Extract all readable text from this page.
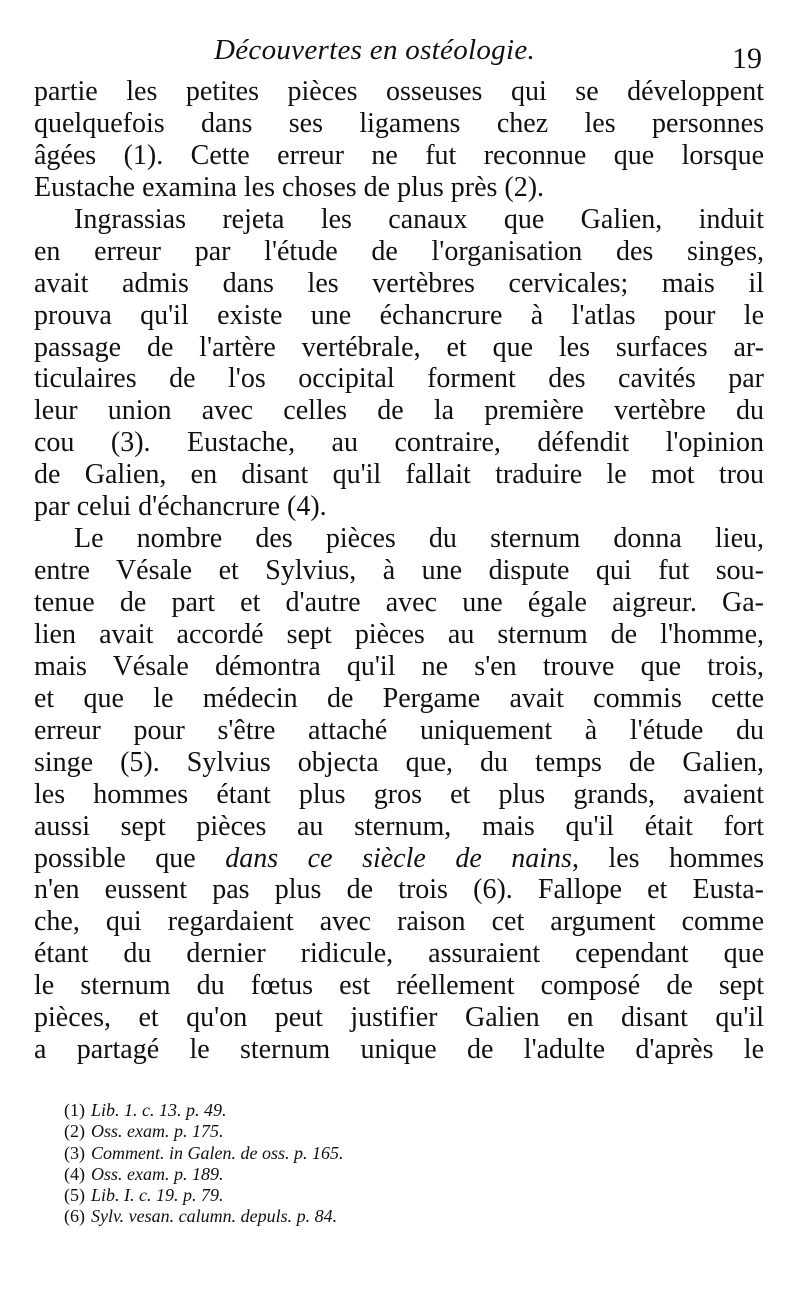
Découvertes en ostéologie.	19
partie les petites pièces osseuses qui se développent
quelquefois dans ses ligamens chez les personnes
âgées (1). Cette erreur ne fut reconnue que lorsque
Eustache examina les choses de plus près (2).
Ingrassias rejeta les canaux que Galien, induit
en erreur par l'étude de l'organisation des singes,
avait admis dans les vertèbres cervicales; mais il
prouva qu'il existe une échancrure à l'atlas pour le
passage de l'artère vertébrale, et que les surfaces ar-
ticulaires de l'os occipital forment des cavités par
leur union avec celles de la première vertèbre du
cou (3). Eustache, au contraire, défendit l'opinion
de Galien, en disant qu'il fallait traduire le mot trou
par celui d'échancrure (4).
Le nombre des pièces du sternum donna lieu,
entre Vésale et Sylvius, à une dispute qui fut sou-
tenue de part et d'autre avec une égale aigreur. Ga-
lien avait accordé sept pièces au sternum de l'homme,
mais Vésale démontra qu'il ne s'en trouve que trois,
et que le médecin de Pergame avait commis cette
erreur pour s'être attaché uniquement à l'étude du
singe (5). Sylvius objecta que, du temps de Galien,
les hommes étant plus gros et plus grands, avaient
aussi sept pièces au sternum, mais qu'il était fort
possible que dans ce siècle de nains, les hommes
n'en eussent pas plus de trois (6). Fallope et Eusta-
che, qui regardaient avec raison cet argument comme
étant du dernier ridicule, assuraient cependant que
le sternum du fœtus est réellement composé de sept
pièces, et qu'on peut justifier Galien en disant qu'il
a partagé le sternum unique de l'adulte d'après le
(1) Lib. 1. c. 13. p. 49.
(2) Oss. exam. p. 175.
(3) Comment. in Galen. de oss. p. 165.
(4) Oss. exam. p. 189.
(5) Lib. I. c. 19. p. 79.
(6) Sylv. vesan. calumn. depuls. p. 84.
